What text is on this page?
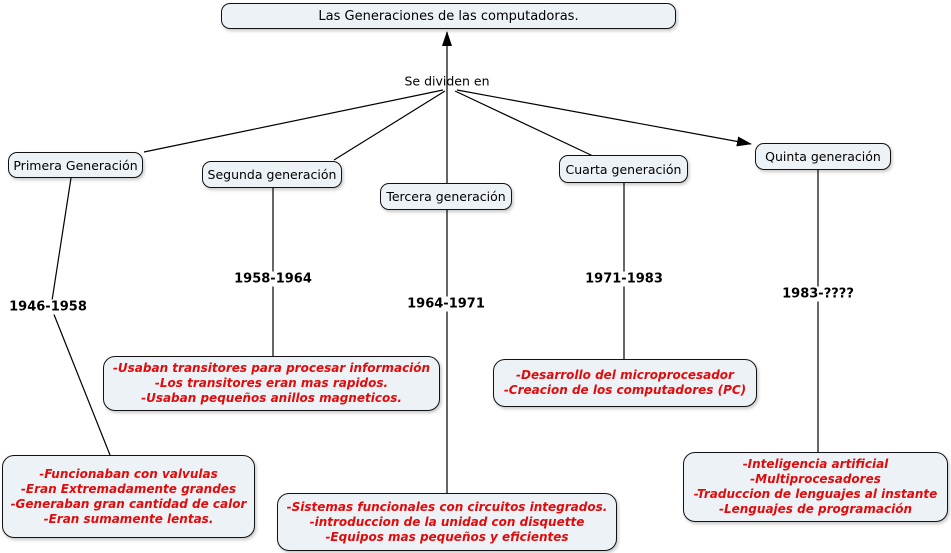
Las Generaciones de las computadoras.
Se dividen en
Primera Generación
Segunda generación
Tercera generación
Cuarta generación
Quinta generación
1946-1958
1958-1964
1964-1971
1971-1983
1983-????
-Funcionaban con valvulas
-Eran Extremadamente grandes
-Generaban gran cantidad de calor
-Eran sumamente lentas.
-Usaban transitores para procesar información
-Los transitores eran mas rapidos.
-Usaban pequeños anillos magneticos.
-Sistemas funcionales con circuitos integrados.
-introduccion de la unidad con disquette
-Equipos mas pequeños y eficientes
-Desarrollo del microprocesador
-Creacion de los computadores (PC)
-Inteligencia artificial
-Multiprocesadores
-Traduccion de lenguajes al instante
-Lenguajes de programación
